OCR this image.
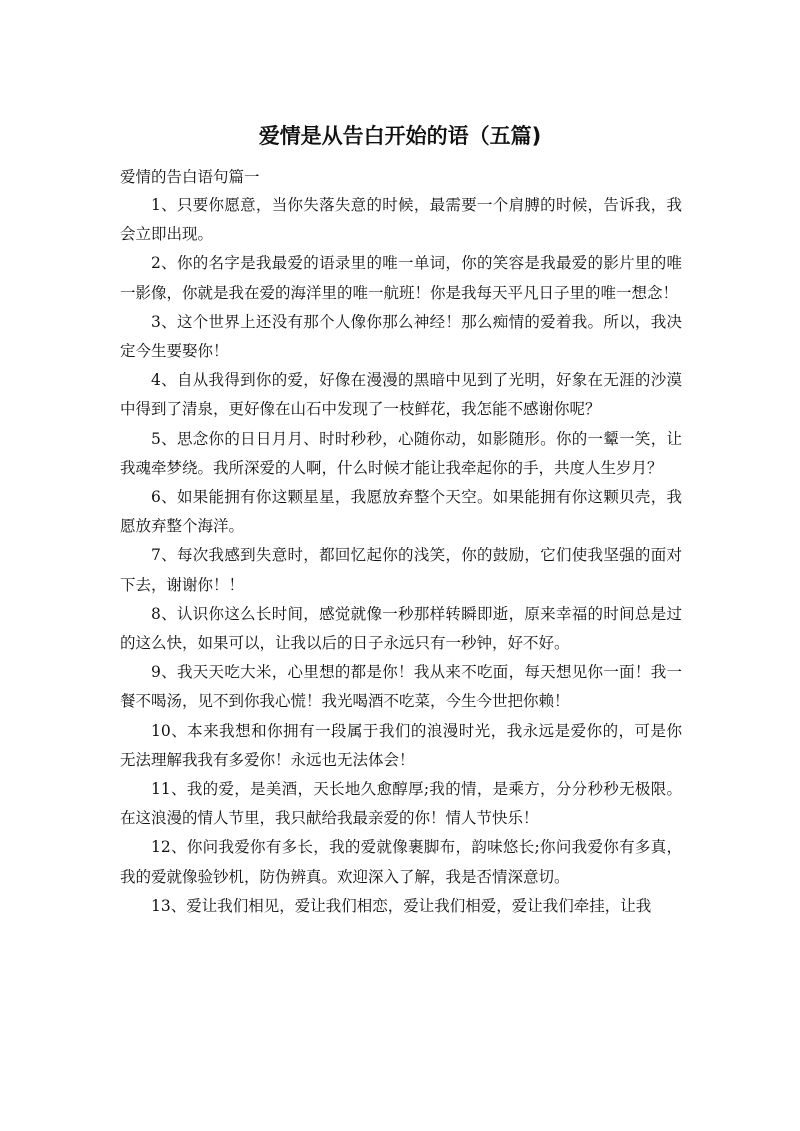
爱情是从告白开始的语（五篇)

爱情的告白语句篇一

1、只要你愿意，当你失落失意的时候，最需要一个肩膊的时候，告诉我，我会立即出现。

2、你的名字是我最爱的语录里的唯一单词，你的笑容是我最爱的影片里的唯一影像，你就是我在爱的海洋里的唯一航班！你是我每天平凡日子里的唯一想念！

3、这个世界上还没有那个人像你那么神经！那么痴情的爱着我。所以，我决定今生要娶你！

4、自从我得到你的爱，好像在漫漫的黑暗中见到了光明，好象在无涯的沙漠中得到了清泉，更好像在山石中发现了一枝鲜花，我怎能不感谢你呢？

5、思念你的日日月月、时时秒秒，心随你动，如影随形。你的一颦一笑，让我魂牵梦绕。我所深爱的人啊，什么时候才能让我牵起你的手，共度人生岁月？

6、如果能拥有你这颗星星，我愿放弃整个天空。如果能拥有你这颗贝壳，我愿放弃整个海洋。

7、每次我感到失意时，都回忆起你的浅笑，你的鼓励，它们使我坚强的面对下去，谢谢你！！

8、认识你这么长时间，感觉就像一秒那样转瞬即逝，原来幸福的时间总是过的这么快，如果可以，让我以后的日子永远只有一秒钟，好不好。

9、我天天吃大米，心里想的都是你！我从来不吃面，每天想见你一面！我一餐不喝汤，见不到你我心慌！我光喝酒不吃菜，今生今世把你赖！

10、本来我想和你拥有一段属于我们的浪漫时光，我永远是爱你的，可是你无法理解我我有多爱你！永远也无法体会！

11、我的爱，是美酒，天长地久愈醇厚;我的情，是乘方，分分秒秒无极限。在这浪漫的情人节里，我只献给我最亲爱的你！情人节快乐！

12、你问我爱你有多长，我的爱就像裹脚布，韵味悠长;你问我爱你有多真，我的爱就像验钞机，防伪辨真。欢迎深入了解，我是否情深意切。

13、爱让我们相见，爱让我们相恋，爱让我们相爱，爱让我们牵挂，让我
